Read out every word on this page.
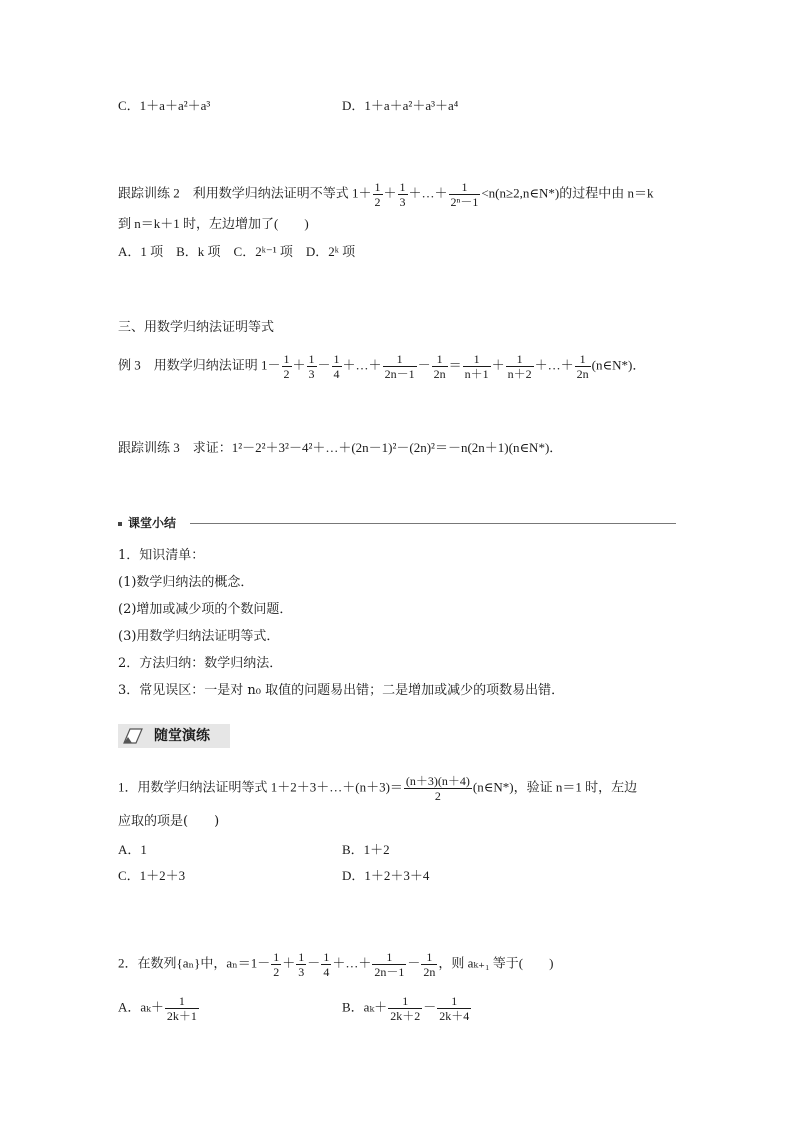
C．1＋a＋a²＋a³	D．1＋a＋a²＋a³＋a⁴
跟踪训练 2　利用数学归纳法证明不等式 $1+ \frac{1}{2} + \frac{1}{3}$ ＋…＋ $\frac{1}{\text{2ⁿ－1}}$ <n(n≥2,n∈N*)的过程中由 n＝k
到 n＝k＋1 时，左边增加了(　　)
A．1 项　B．k 项　C．2ᵏ⁻¹ 项　D．2ᵏ 项
三、用数学归纳法证明等式
例 3　用数学归纳法证明 $1- \frac{1}{2} + \frac{1}{3} - \frac{1}{4}$ ＋…＋ $\frac{1}{2n-1} - \frac{1}{2n} = \frac{1}{n+1} + \frac{1}{n+2}$ ＋…＋ $\frac{1}{2n}$ (n∈N*)．
跟踪训练 3　求证：1²－2²＋3²－4²＋…＋(2n－1)²－(2n)²＝－n(2n＋1)(n∈N*)．
课堂小结
1．知识清单：
(1)数学归纳法的概念．
(2)增加或减少项的个数问题．
(3)用数学归纳法证明等式．
2．方法归纳：数学归纳法．
3．常见误区：一是对 n₀ 取值的问题易出错；二是增加或减少的项数易出错．
随堂演练
1．用数学归纳法证明等式 1＋2＋3＋…＋(n＋3)＝ $\frac{(n+3)(n+4)}{2}$ (n∈N*)，验证 n＝1 时，左边
应取的项是(　　)
A．1	B．1＋2
C．1＋2＋3	D．1＋2＋3＋4
2．在数列{aₙ}中，$a_n=1- \frac{1}{2} + \frac{1}{3} - \frac{1}{4}$ ＋…＋ $\frac{1}{2n-1} - \frac{1}{2n}$ ，则 aₖ₊₁ 等于(　　)
A．$a_k+ \frac{1}{2k+1}$	B．$a_k+ \frac{1}{2k+2} - \frac{1}{2k+4}$
